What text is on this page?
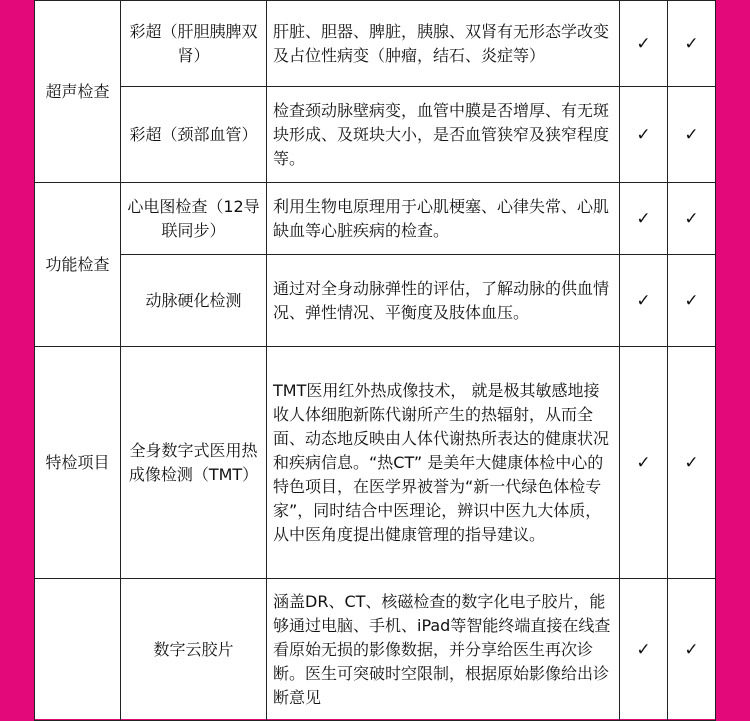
超声检查	彩超（肝胆胰脾双肾）	肝脏、胆器、脾脏，胰腺、双肾有无形态学改变及占位性病变（肿瘤，结石、炎症等）	✓	✓

	彩超（颈部血管）	检查颈动脉壁病变，血管中膜是否增厚、有无斑块形成、及斑块大小，是否血管狭窄及狭窄程度等。	✓	✓
功能检查	心电图检查（12导联同步）	利用生物电原理用于心肌梗塞、心律失常、心肌缺血等心脏疾病的检查。	✓	✓

	动脉硬化检测	通过对全身动脉弹性的评估，了解动脉的供血情况、弹性情况、平衡度及肢体血压。	✓	✓
特检项目	全身数字式医用热成像检测（TMT）	TMT医用红外热成像技术， 就是极其敏感地接收人体细胞新陈代谢所产生的热辐射，从而全面、动态地反映由人体代谢热所表达的健康状况和疾病信息。“热CT” 是美年大健康体检中心的特色项目，在医学界被誉为“新一代绿色体检专家”，同时结合中医理论，辨识中医九大体质，从中医角度提出健康管理的指导建议。	✓	✓

	数字云胶片	涵盖DR、CT、核磁检查的数字化电子胶片，能够通过电脑、手机、iPad等智能终端直接在线查看原始无损的影像数据，并分享给医生再次诊断。医生可突破时空限制，根据原始影像给出诊断意见	✓	✓
